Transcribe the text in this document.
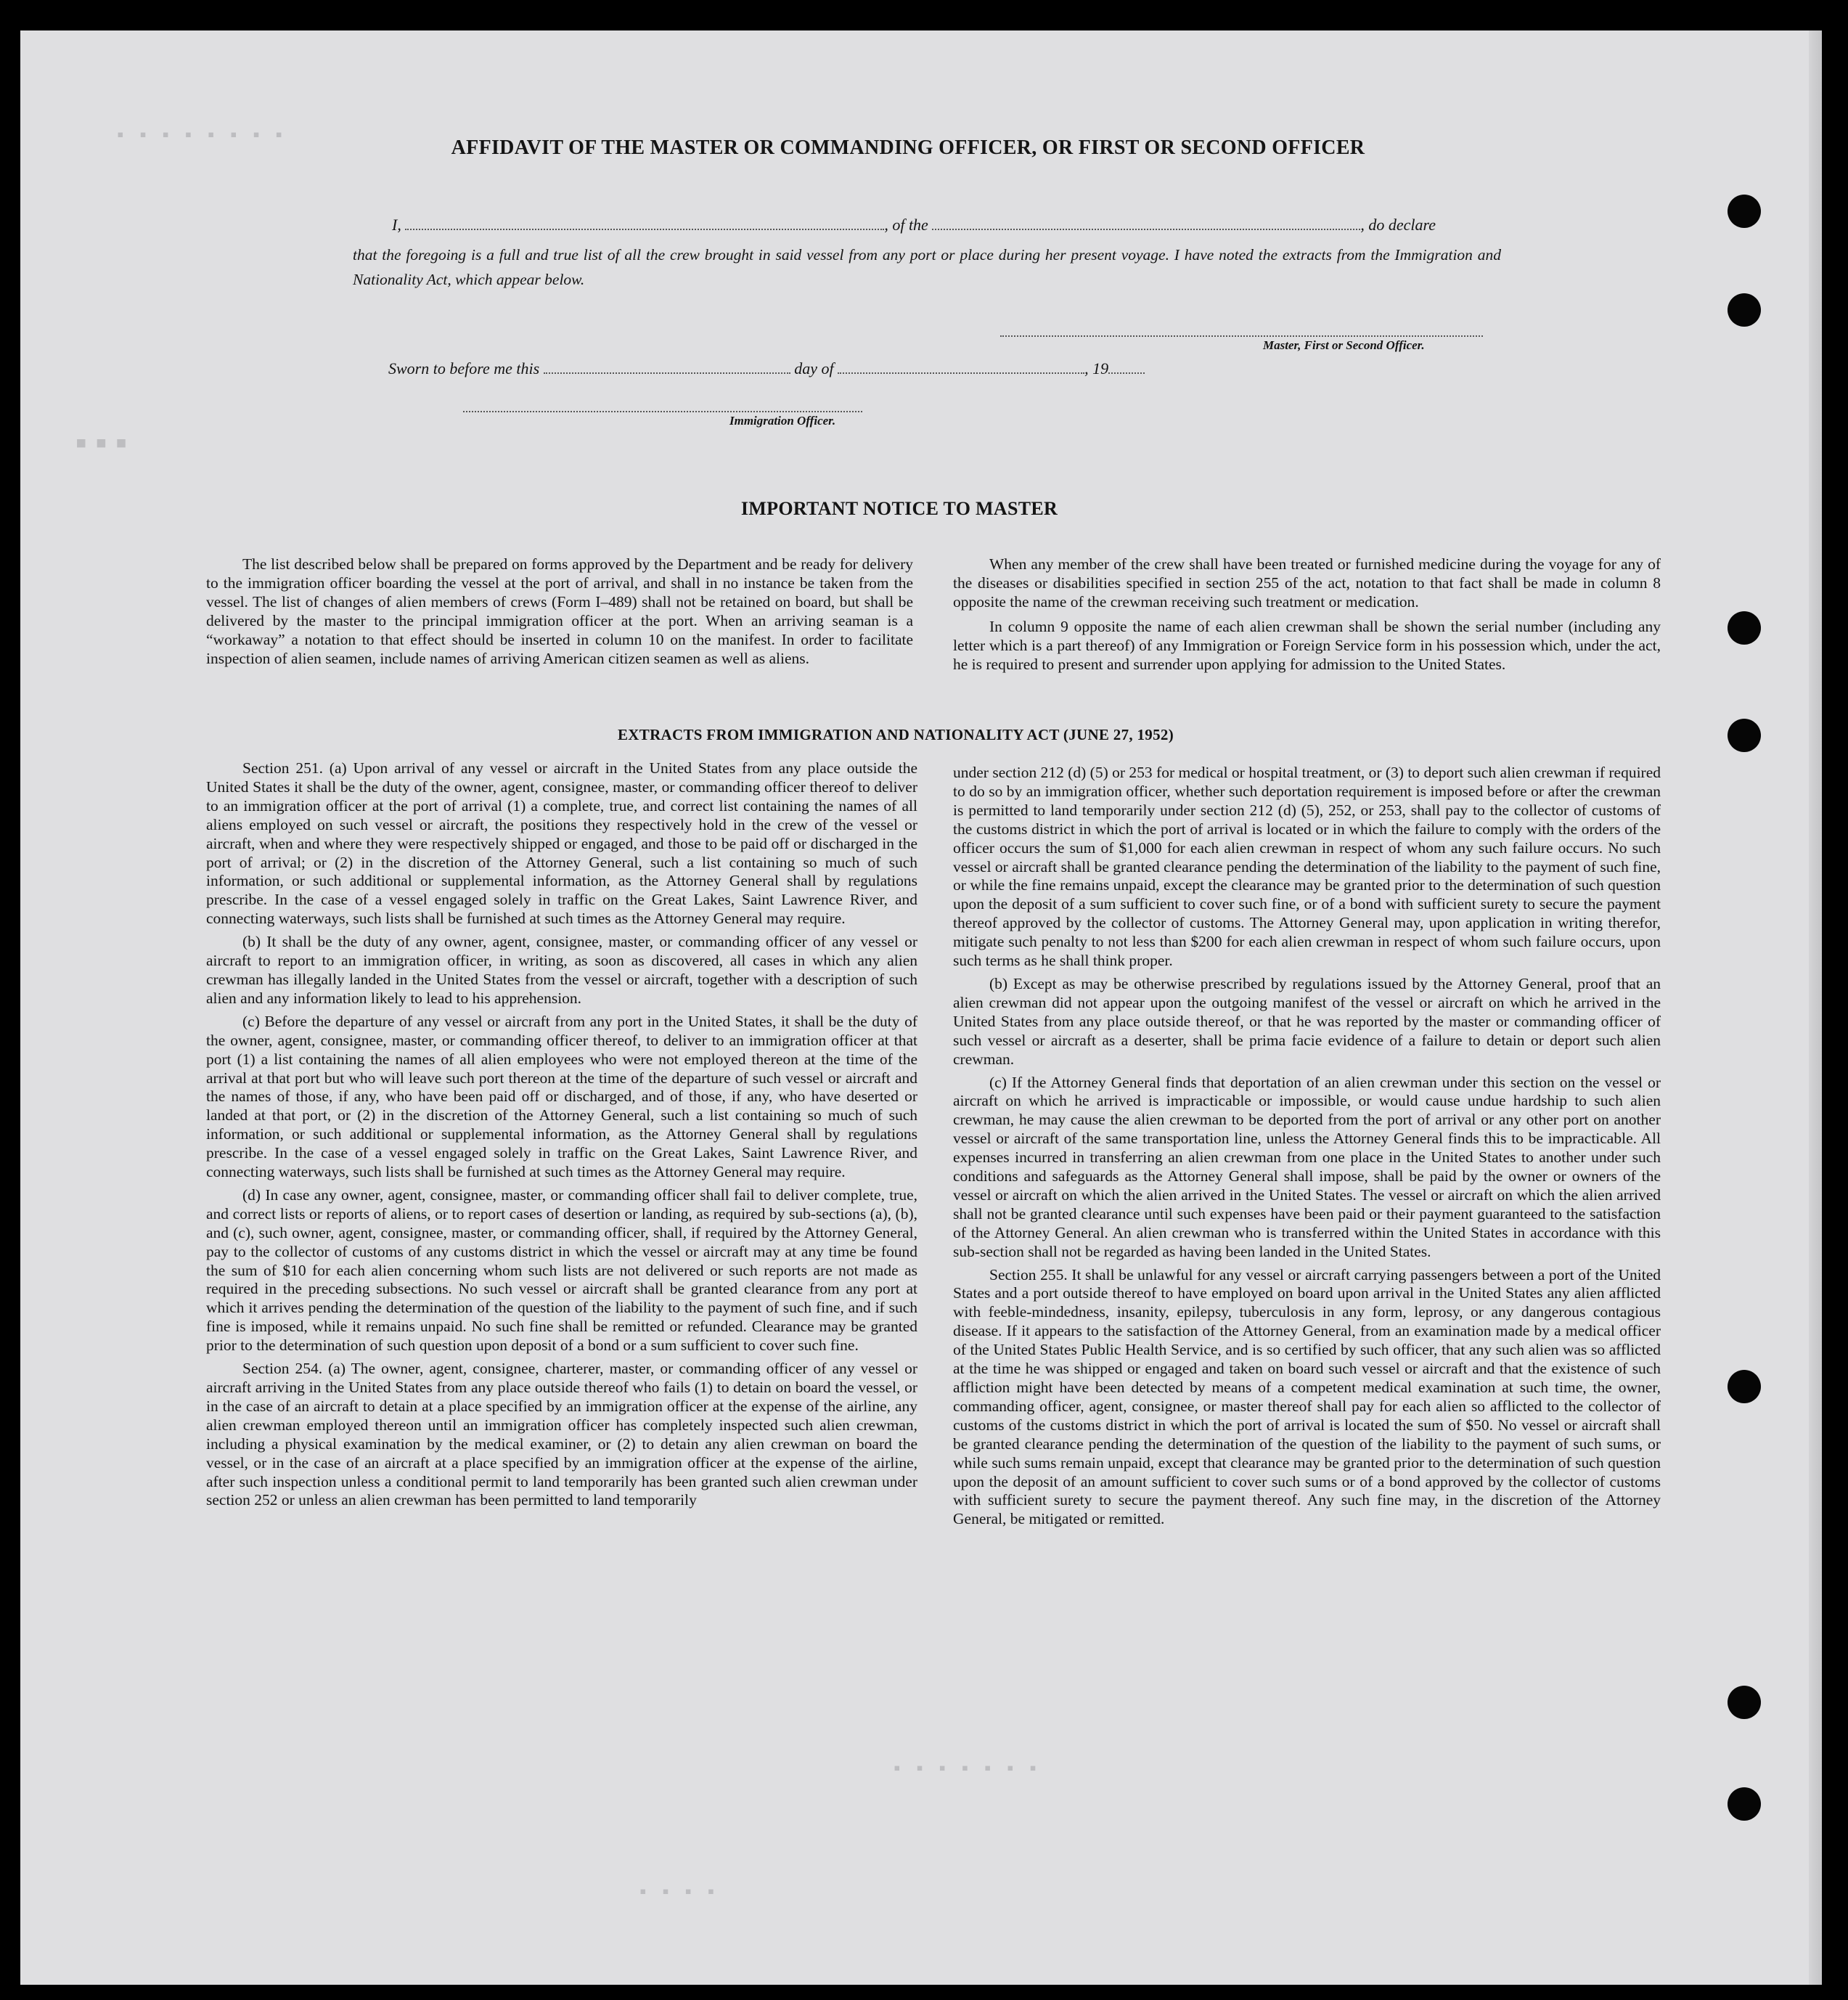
▪ ▪ ▪ ▪ ▪ ▪ ▪ ▪
▪▪▪
▪ ▪ ▪ ▪ ▪ ▪ ▪
▪ ▪ ▪ ▪
AFFIDAVIT OF THE MASTER OR COMMANDING OFFICER, OR FIRST OR SECOND OFFICER
I,	, of the	, do declare
that the foregoing is a full and true list of all the crew brought in said vessel from any port or place during her present voyage. I have noted the extracts from the Immigration and Nationality Act, which appear below.
Master, First or Second Officer.
Sworn to before me this	day of	, 19
Immigration Officer.
IMPORTANT NOTICE TO MASTER

The list described below shall be prepared on forms approved by the Department and be ready for delivery to the immigration officer boarding the vessel at the port of arrival, and shall in no instance be taken from the vessel. The list of changes of alien members of crews (Form I–489) shall not be retained on board, but shall be delivered by the master to the principal immigration officer at the port. When an arriving seaman is a “workaway” a notation to that effect should be inserted in column 10 on the manifest. In order to facilitate inspection of alien seamen, include names of arriving American citizen seamen as well as aliens.

When any member of the crew shall have been treated or furnished medicine during the voyage for any of the diseases or disabilities specified in section 255 of the act, notation to that fact shall be made in column 8 opposite the name of the crewman receiving such treatment or medication.

In column 9 opposite the name of each alien crewman shall be shown the serial number (including any letter which is a part thereof) of any Immigration or Foreign Service form in his possession which, under the act, he is required to present and surrender upon applying for admission to the United States.

EXTRACTS FROM IMMIGRATION AND NATIONALITY ACT (JUNE 27, 1952)

Section 251. (a) Upon arrival of any vessel or aircraft in the United States from any place outside the United States it shall be the duty of the owner, agent, consignee, master, or commanding officer thereof to deliver to an immigration officer at the port of arrival (1) a complete, true, and correct list containing the names of all aliens employed on such vessel or aircraft, the positions they respectively hold in the crew of the vessel or aircraft, when and where they were respectively shipped or engaged, and those to be paid off or discharged in the port of arrival; or (2) in the discretion of the Attorney General, such a list containing so much of such information, or such additional or supplemental information, as the Attorney General shall by regulations prescribe. In the case of a vessel engaged solely in traffic on the Great Lakes, Saint Lawrence River, and connecting waterways, such lists shall be furnished at such times as the Attorney General may require.

(b) It shall be the duty of any owner, agent, consignee, master, or commanding officer of any vessel or aircraft to report to an immigration officer, in writing, as soon as discovered, all cases in which any alien crewman has illegally landed in the United States from the vessel or aircraft, together with a description of such alien and any information likely to lead to his apprehension.

(c) Before the departure of any vessel or aircraft from any port in the United States, it shall be the duty of the owner, agent, consignee, master, or commanding officer thereof, to deliver to an immigration officer at that port (1) a list containing the names of all alien employees who were not employed thereon at the time of the arrival at that port but who will leave such port thereon at the time of the departure of such vessel or aircraft and the names of those, if any, who have been paid off or discharged, and of those, if any, who have deserted or landed at that port, or (2) in the discretion of the Attorney General, such a list containing so much of such information, or such additional or supplemental information, as the Attorney General shall by regulations prescribe. In the case of a vessel engaged solely in traffic on the Great Lakes, Saint Lawrence River, and connecting waterways, such lists shall be furnished at such times as the Attorney General may require.

(d) In case any owner, agent, consignee, master, or commanding officer shall fail to deliver complete, true, and correct lists or reports of aliens, or to report cases of desertion or landing, as required by sub-sections (a), (b), and (c), such owner, agent, consignee, master, or commanding officer, shall, if required by the Attorney General, pay to the collector of customs of any customs district in which the vessel or aircraft may at any time be found the sum of $10 for each alien concerning whom such lists are not delivered or such reports are not made as required in the preceding subsections. No such vessel or aircraft shall be granted clearance from any port at which it arrives pending the determination of the question of the liability to the payment of such fine, and if such fine is imposed, while it remains unpaid. No such fine shall be remitted or refunded. Clearance may be granted prior to the determination of such question upon deposit of a bond or a sum sufficient to cover such fine.

Section 254. (a) The owner, agent, consignee, charterer, master, or commanding officer of any vessel or aircraft arriving in the United States from any place outside thereof who fails (1) to detain on board the vessel, or in the case of an aircraft to detain at a place specified by an immigration officer at the expense of the airline, any alien crewman employed thereon until an immigration officer has completely inspected such alien crewman, including a physical examination by the medical examiner, or (2) to detain any alien crewman on board the vessel, or in the case of an aircraft at a place specified by an immigration officer at the expense of the airline, after such inspection unless a conditional permit to land temporarily has been granted such alien crewman under section 252 or unless an alien crewman has been permitted to land temporarily

under section 212 (d) (5) or 253 for medical or hospital treatment, or (3) to deport such alien crewman if required to do so by an immigration officer, whether such deportation requirement is imposed before or after the crewman is permitted to land temporarily under section 212 (d) (5), 252, or 253, shall pay to the collector of customs of the customs district in which the port of arrival is located or in which the failure to comply with the orders of the officer occurs the sum of $1,000 for each alien crewman in respect of whom any such failure occurs. No such vessel or aircraft shall be granted clearance pending the determination of the liability to the payment of such fine, or while the fine remains unpaid, except the clearance may be granted prior to the determination of such question upon the deposit of a sum sufficient to cover such fine, or of a bond with sufficient surety to secure the payment thereof approved by the collector of customs. The Attorney General may, upon application in writing therefor, mitigate such penalty to not less than $200 for each alien crewman in respect of whom such failure occurs, upon such terms as he shall think proper.

(b) Except as may be otherwise prescribed by regulations issued by the Attorney General, proof that an alien crewman did not appear upon the outgoing manifest of the vessel or aircraft on which he arrived in the United States from any place outside thereof, or that he was reported by the master or commanding officer of such vessel or aircraft as a deserter, shall be prima facie evidence of a failure to detain or deport such alien crewman.

(c) If the Attorney General finds that deportation of an alien crewman under this section on the vessel or aircraft on which he arrived is impracticable or impossible, or would cause undue hardship to such alien crewman, he may cause the alien crewman to be deported from the port of arrival or any other port on another vessel or aircraft of the same transportation line, unless the Attorney General finds this to be impracticable. All expenses incurred in transferring an alien crewman from one place in the United States to another under such conditions and safeguards as the Attorney General shall impose, shall be paid by the owner or owners of the vessel or aircraft on which the alien arrived in the United States. The vessel or aircraft on which the alien arrived shall not be granted clearance until such expenses have been paid or their payment guaranteed to the satisfaction of the Attorney General. An alien crewman who is transferred within the United States in accordance with this sub-section shall not be regarded as having been landed in the United States.

Section 255. It shall be unlawful for any vessel or aircraft carrying passengers between a port of the United States and a port outside thereof to have employed on board upon arrival in the United States any alien afflicted with feeble-mindedness, insanity, epilepsy, tuberculosis in any form, leprosy, or any dangerous contagious disease. If it appears to the satisfaction of the Attorney General, from an examination made by a medical officer of the United States Public Health Service, and is so certified by such officer, that any such alien was so afflicted at the time he was shipped or engaged and taken on board such vessel or aircraft and that the existence of such affliction might have been detected by means of a competent medical examination at such time, the owner, commanding officer, agent, consignee, or master thereof shall pay for each alien so afflicted to the collector of customs of the customs district in which the port of arrival is located the sum of $50. No vessel or aircraft shall be granted clearance pending the determination of the question of the liability to the payment of such sums, or while such sums remain unpaid, except that clearance may be granted prior to the determination of such question upon the deposit of an amount sufficient to cover such sums or of a bond approved by the collector of customs with sufficient surety to secure the payment thereof. Any such fine may, in the discretion of the Attorney General, be mitigated or remitted.
